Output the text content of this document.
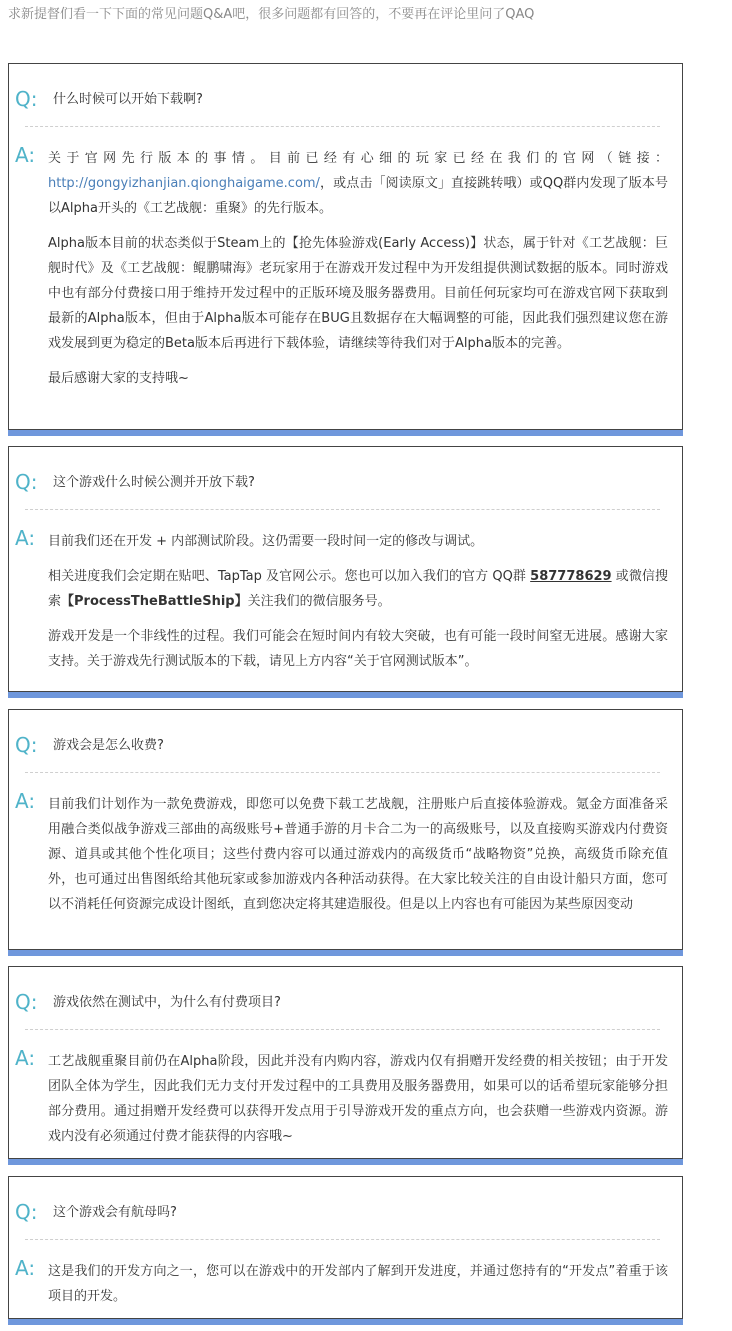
求新提督们看一下下面的常见问题Q&A吧，很多问题都有回答的，不要再在评论里问了QAQ
Q: 什么时候可以开始下载啊?
A: 关于官网先行版本的事情。目前已经有心细的玩家已经在我们的官网（链接：http://gongyizhanjian.qionghaigame.com/，或点击「阅读原文」直接跳转哦）或QQ群内发现了版本号以Alpha开头的《工艺战舰：重聚》的先行版本。

Alpha版本目前的状态类似于Steam上的【抢先体验游戏(Early Access)】状态，属于针对《工艺战舰：巨舰时代》及《工艺战舰：鲲鹏啸海》老玩家用于在游戏开发过程中为开发组提供测试数据的版本。同时游戏中也有部分付费接口用于维持开发过程中的正版环境及服务器费用。目前任何玩家均可在游戏官网下获取到最新的Alpha版本，但由于Alpha版本可能存在BUG且数据存在大幅调整的可能，因此我们强烈建议您在游戏发展到更为稳定的Beta版本后再进行下载体验，请继续等待我们对于Alpha版本的完善。

最后感谢大家的支持哦~

Q: 这个游戏什么时候公测并开放下载?
A: 目前我们还在开发 + 内部测试阶段。这仍需要一段时间一定的修改与调试。

相关进度我们会定期在贴吧、TapTap 及官网公示。您也可以加入我们的官方 QQ群 587778629 或微信搜索【ProcessTheBattleShip】关注我们的微信服务号。

游戏开发是一个非线性的过程。我们可能会在短时间内有较大突破，也有可能一段时间窒无进展。感谢大家支持。关于游戏先行测试版本的下载，请见上方内容“关于官网测试版本”。

Q: 游戏会是怎么收费?
A: 目前我们计划作为一款免费游戏，即您可以免费下载工艺战舰，注册账户后直接体验游戏。氪金方面准备采用融合类似战争游戏三部曲的高级账号+普通手游的月卡合二为一的高级账号，以及直接购买游戏内付费资源、道具或其他个性化项目；这些付费内容可以通过游戏内的高级货币“战略物资”兑换，高级货币除充值外，也可通过出售图纸给其他玩家或参加游戏内各种活动获得。在大家比较关注的自由设计船只方面，您可以不消耗任何资源完成设计图纸，直到您决定将其建造服役。但是以上内容也有可能因为某些原因变动

Q: 游戏依然在测试中，为什么有付费项目?
A: 工艺战舰重聚目前仍在Alpha阶段，因此并没有内购内容，游戏内仅有捐赠开发经费的相关按钮；由于开发团队全体为学生，因此我们无力支付开发过程中的工具费用及服务器费用，如果可以的话希望玩家能够分担部分费用。通过捐赠开发经费可以获得开发点用于引导游戏开发的重点方向，也会获赠一些游戏内资源。游戏内没有必须通过付费才能获得的内容哦~

Q: 这个游戏会有航母吗?
A: 这是我们的开发方向之一，您可以在游戏中的开发部内了解到开发进度，并通过您持有的“开发点”着重于该项目的开发。
